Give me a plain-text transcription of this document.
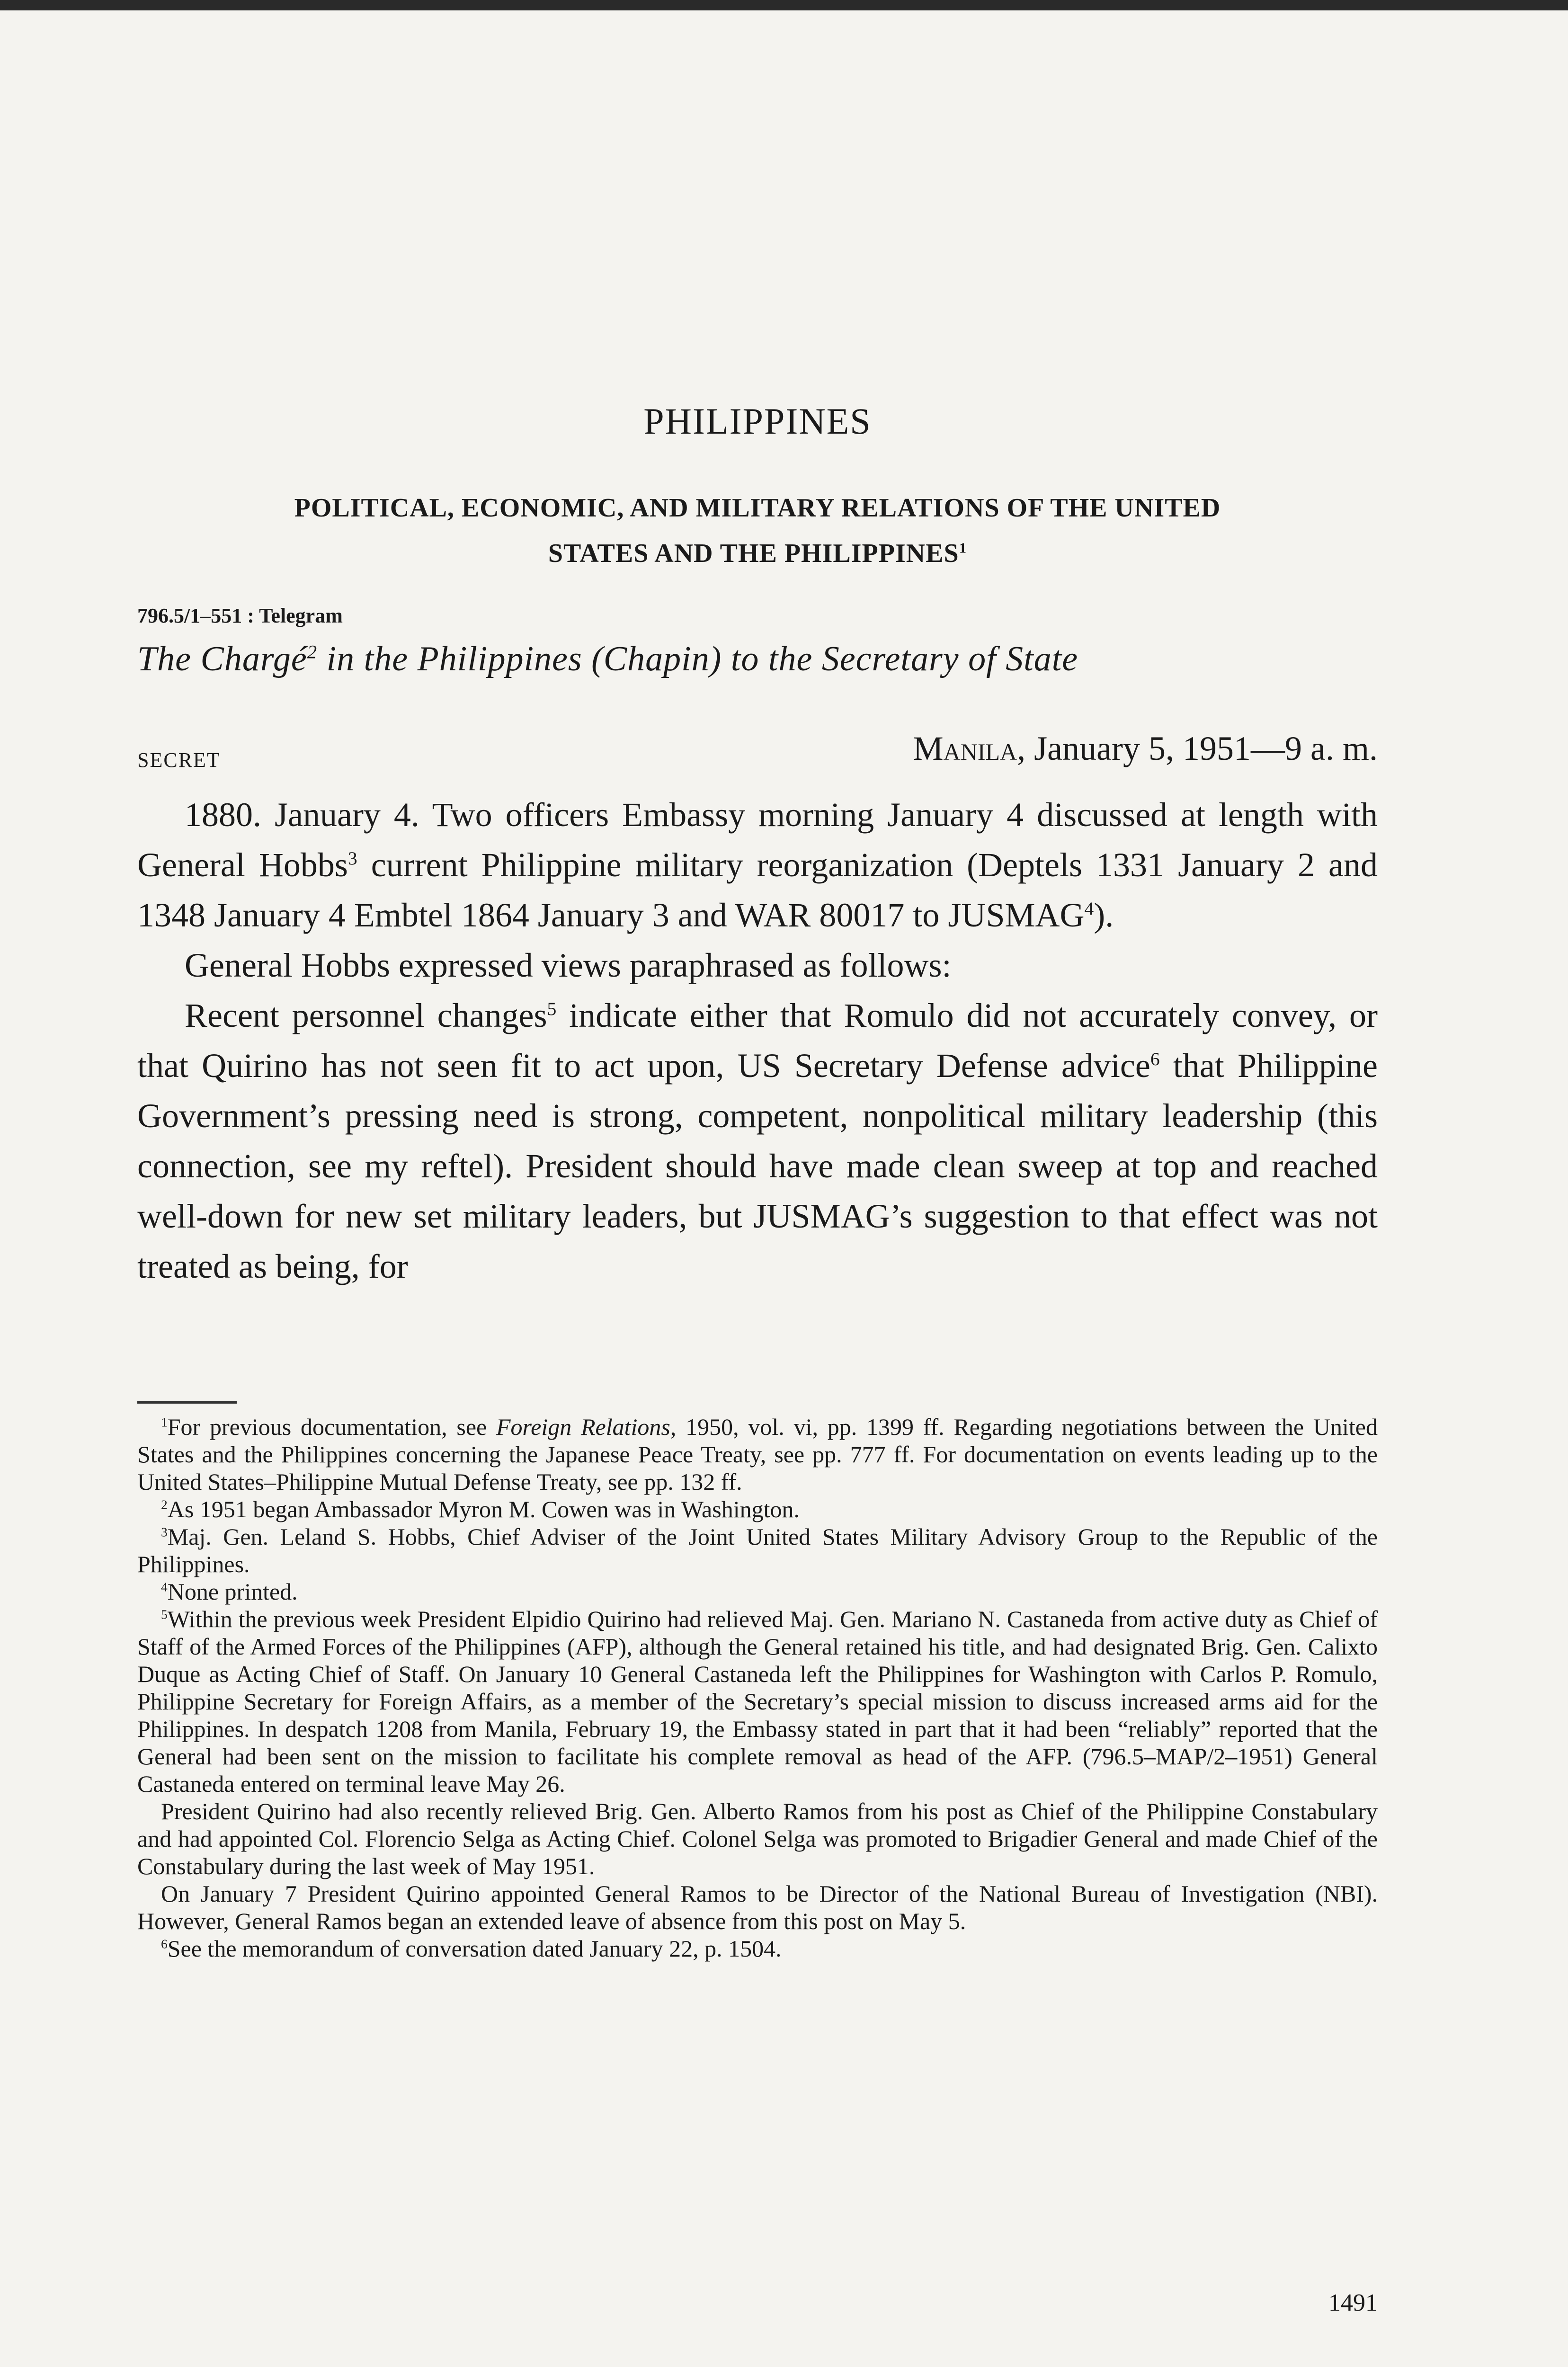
PHILIPPINES
POLITICAL, ECONOMIC, AND MILITARY RELATIONS OF THE UNITED
STATES AND THE PHILIPPINES$^1$
796.5/1–551 : Telegram
The Chargé$^2$ in the Philippines (Chapin) to the Secretary of State
SECRET	Manila, January 5, 1951—9 a. m.

1880. January 4. Two officers Embassy morning January 4 discussed at length with General Hobbs$^3$ current Philippine military reorganization (Deptels 1331 January 2 and 1348 January 4 Embtel 1864 January 3 and WAR 80017 to JUSMAG$^4$).

General Hobbs expressed views paraphrased as follows:

Recent personnel changes$^5$ indicate either that Romulo did not accurately convey, or that Quirino has not seen fit to act upon, US Secretary Defense advice$^6$ that Philippine Government’s pressing need is strong, competent, nonpolitical military leadership (this connection, see my reftel). President should have made clean sweep at top and reached well-down for new set military leaders, but JUSMAG’s suggestion to that effect was not treated as being, for

$^1$For previous documentation, see Foreign Relations, 1950, vol. vi, pp. 1399 ff. Regarding negotiations between the United States and the Philippines concerning the Japanese Peace Treaty, see pp. 777 ff. For documentation on events leading up to the United States–Philippine Mutual Defense Treaty, see pp. 132 ff.

$^2$As 1951 began Ambassador Myron M. Cowen was in Washington.

$^3$Maj. Gen. Leland S. Hobbs, Chief Adviser of the Joint United States Military Advisory Group to the Republic of the Philippines.

$^4$None printed.

$^5$Within the previous week President Elpidio Quirino had relieved Maj. Gen. Mariano N. Castaneda from active duty as Chief of Staff of the Armed Forces of the Philippines (AFP), although the General retained his title, and had designated Brig. Gen. Calixto Duque as Acting Chief of Staff. On January 10 General Castaneda left the Philippines for Washington with Carlos P. Romulo, Philippine Secretary for Foreign Affairs, as a member of the Secretary’s special mission to discuss increased arms aid for the Philippines. In despatch 1208 from Manila, February 19, the Embassy stated in part that it had been “reliably” reported that the General had been sent on the mission to facilitate his complete removal as head of the AFP. (796.5–MAP/2–1951) General Castaneda entered on terminal leave May 26.

President Quirino had also recently relieved Brig. Gen. Alberto Ramos from his post as Chief of the Philippine Constabulary and had appointed Col. Florencio Selga as Acting Chief. Colonel Selga was promoted to Brigadier General and made Chief of the Constabulary during the last week of May 1951.

On January 7 President Quirino appointed General Ramos to be Director of the National Bureau of Investigation (NBI). However, General Ramos began an extended leave of absence from this post on May 5.

$^6$See the memorandum of conversation dated January 22, p. 1504.

1491
